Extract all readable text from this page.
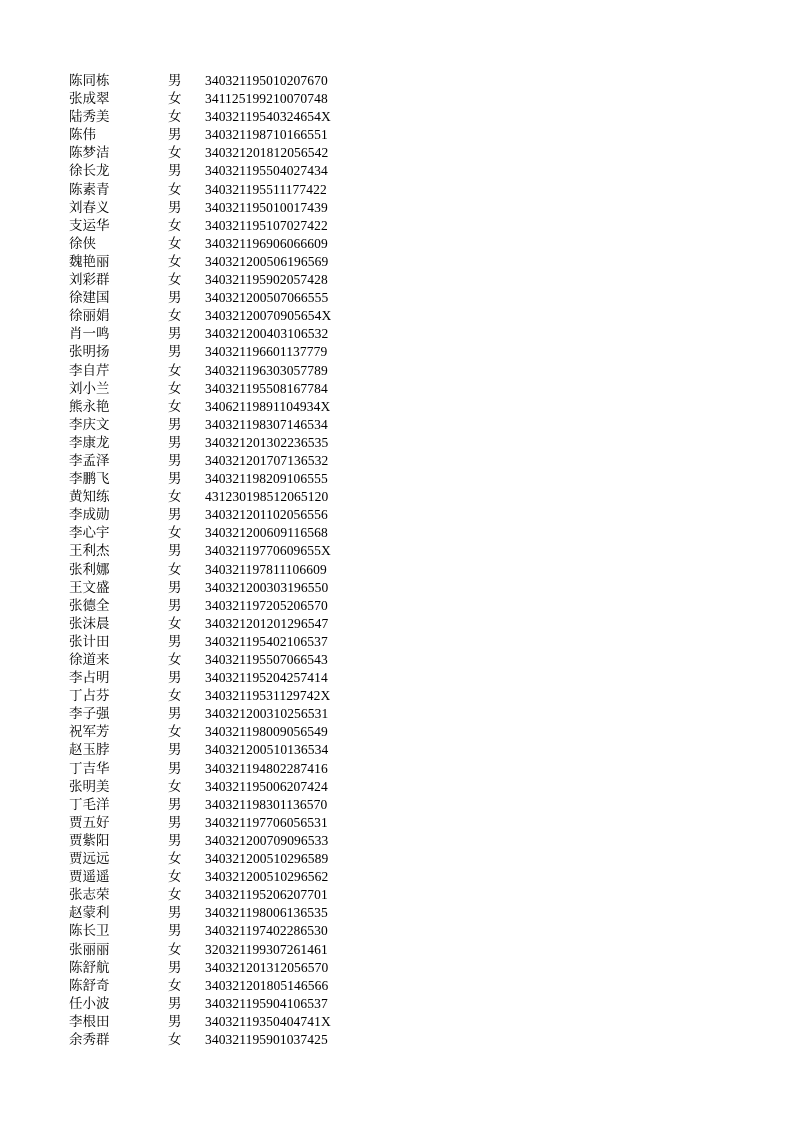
陈同栋	男 340321195010207670
张成翠	女 341125199210070748
陆秀美	女 34032119540324654X
陈伟	男 340321198710166551
陈梦洁	女 340321201812056542
徐长龙	男 340321195504027434
陈素青	女 340321195511177422
刘春义	男 340321195010017439
支运华	女 340321195107027422
徐侠	女 340321196906066609
魏艳丽	女 340321200506196569
刘彩群	女 340321195902057428
徐建国	男 340321200507066555
徐丽娟	女 34032120070905654X
肖一鸣	男 340321200403106532
张明扬	男 340321196601137779
李自芹	女 340321196303057789
刘小兰	女 340321195508167784
熊永艳	女 34062119891104934X
李庆文	男 340321198307146534
李康龙	男 340321201302236535
李孟泽	男 340321201707136532
李鹏飞	男 340321198209106555
黄知练	女 431230198512065120
李成勋	男 340321201102056556
李心宇	女 340321200609116568
王利杰	男 34032119770609655X
张利娜	女 340321197811106609
王文盛	男 340321200303196550
张德全	男 340321197205206570
张沫晨	女 340321201201296547
张计田	男 340321195402106537
徐道来	女 340321195507066543
李占明	男 340321195204257414
丁占芬	女 34032119531129742X
李子强	男 340321200310256531
祝军芳	女 340321198009056549
赵玉脖	男 340321200510136534
丁吉华	男 340321194802287416
张明美	女 340321195006207424
丁毛洋	男 340321198301136570
贾五好	男 340321197706056531
贾紫阳	男 340321200709096533
贾远远	女 340321200510296589
贾遥遥	女 340321200510296562
张志荣	女 340321195206207701
赵蒙利	男 340321198006136535
陈长卫	男 340321197402286530
张丽丽	女 320321199307261461
陈舒航	男 340321201312056570
陈舒奇	女 340321201805146566
任小波	男 340321195904106537
李根田	男 34032119350404741X
余秀群	女 340321195901037425
